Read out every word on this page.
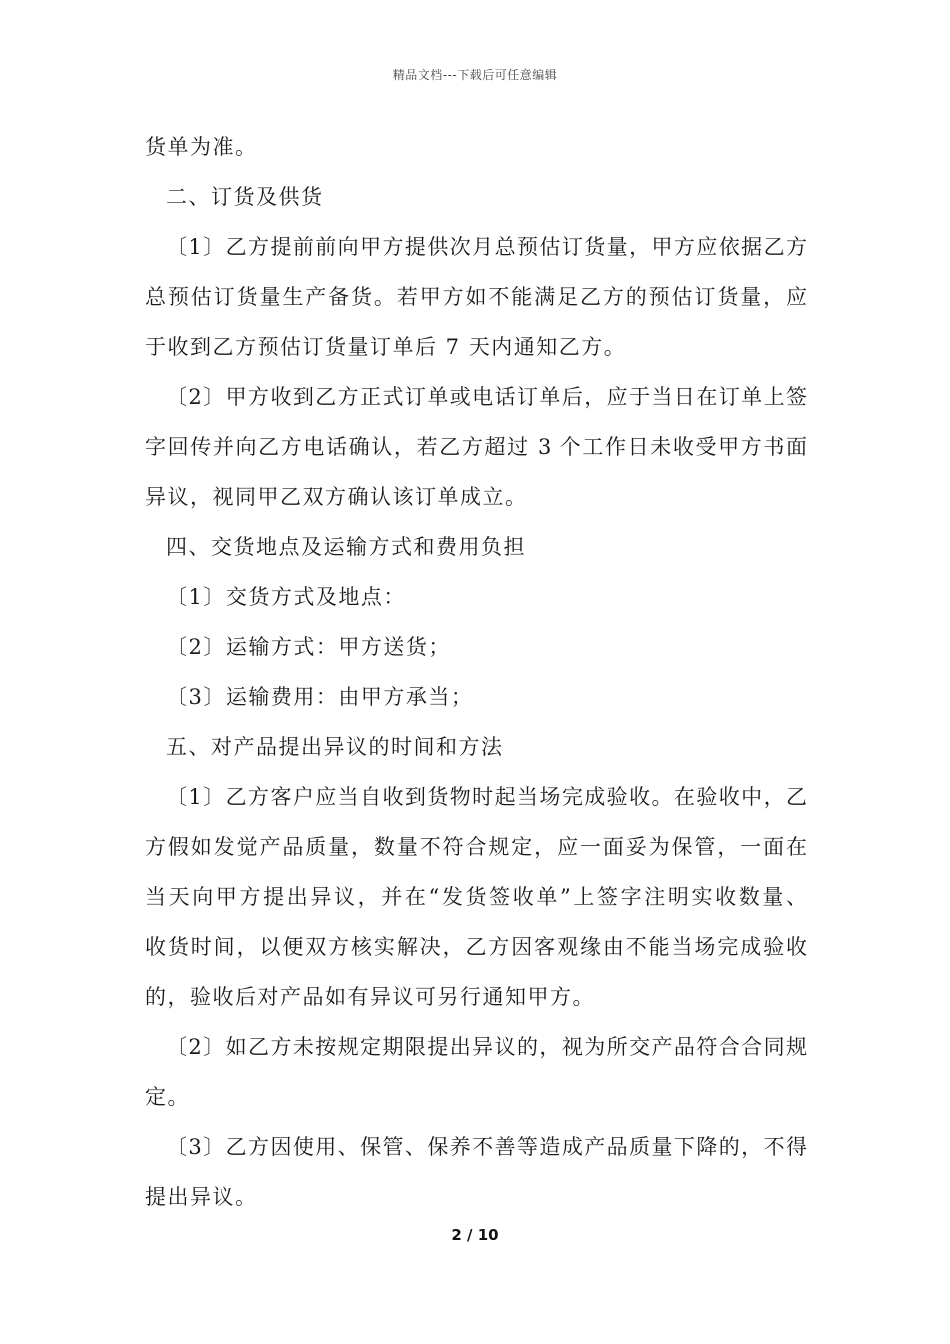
精品文档---下载后可任意编辑
货单为准。
二、订货及供货
〔1〕乙方提前前向甲方提供次月总预估订货量，甲方应依据乙方
总预估订货量生产备货。若甲方如不能满足乙方的预估订货量，应
于收到乙方预估订货量订单后 7 天内通知乙方。
〔2〕甲方收到乙方正式订单或电话订单后，应于当日在订单上签
字回传并向乙方电话确认，若乙方超过 3 个工作日未收受甲方书面
异议，视同甲乙双方确认该订单成立。
四、交货地点及运输方式和费用负担
〔1〕交货方式及地点：
〔2〕运输方式：甲方送货；
〔3〕运输费用：由甲方承当；
五、对产品提出异议的时间和方法
〔1〕乙方客户应当自收到货物时起当场完成验收。在验收中，乙
方假如发觉产品质量，数量不符合规定，应一面妥为保管，一面在
当天向甲方提出异议，并在“发货签收单”上签字注明实收数量、
收货时间，以便双方核实解决，乙方因客观缘由不能当场完成验收
的，验收后对产品如有异议可另行通知甲方。
〔2〕如乙方未按规定期限提出异议的，视为所交产品符合合同规
定。
〔3〕乙方因使用、保管、保养不善等造成产品质量下降的，不得
提出异议。
2 / 10
